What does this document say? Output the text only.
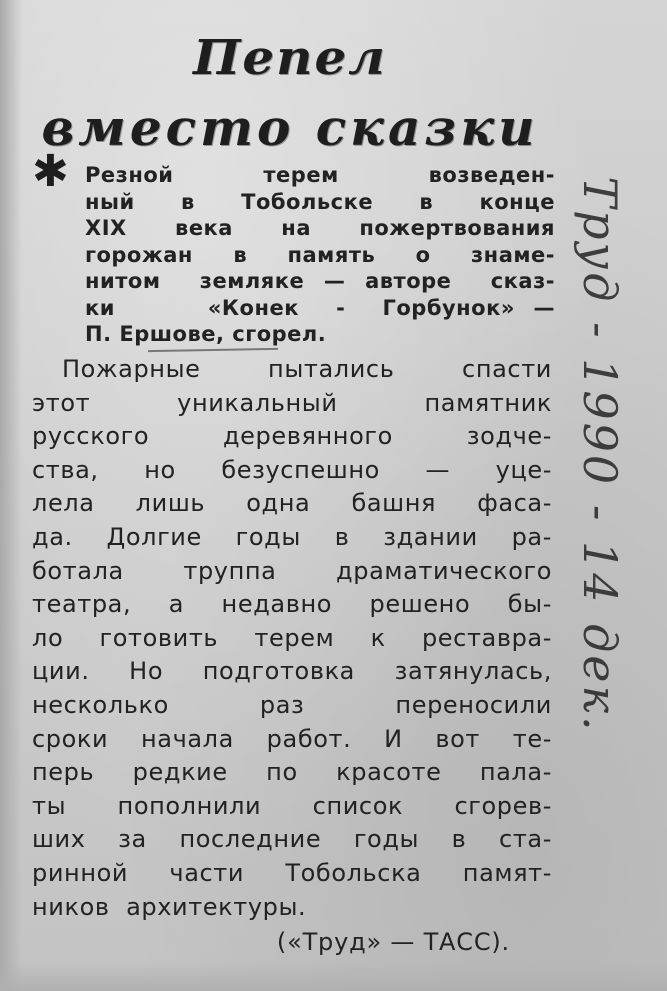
Пепел
вместо сказки
✱ Резной  терем  возведен-
ный  в  Тобольске  в  конце
XIX  века  на  пожертвования
горожан  в  память  о  знаме-
нитом  земляке — авторе  сказ-
ки     «Конек  -  Горбунок» —
П. Ершове, сгорел.
Пожарные  пытались  спасти
этот    уникальный    памятник
русского  деревянного  зодче-
ства,  но  безуспешно  —  уце-
лела  лишь  одна  башня  фаса-
да.  Долгие  годы  в  здании  ра-
ботала  труппа  драматического
театра,  а  недавно  решено  бы-
ло  готовить  терем  к  реставра-
ции.  Но  подготовка  затянулась,
несколько    раз    переносили
сроки  начала  работ.  И  вот  те-
перь  редкие  по  красоте  пала-
ты  пополнили  список  сгорев-
ших  за  последние  годы  в  ста-
ринной  части  Тобольска  памят-
ников  архитектуры.
(«Труд» — ТАСС).
Труд - 1990 - 14 дек.
